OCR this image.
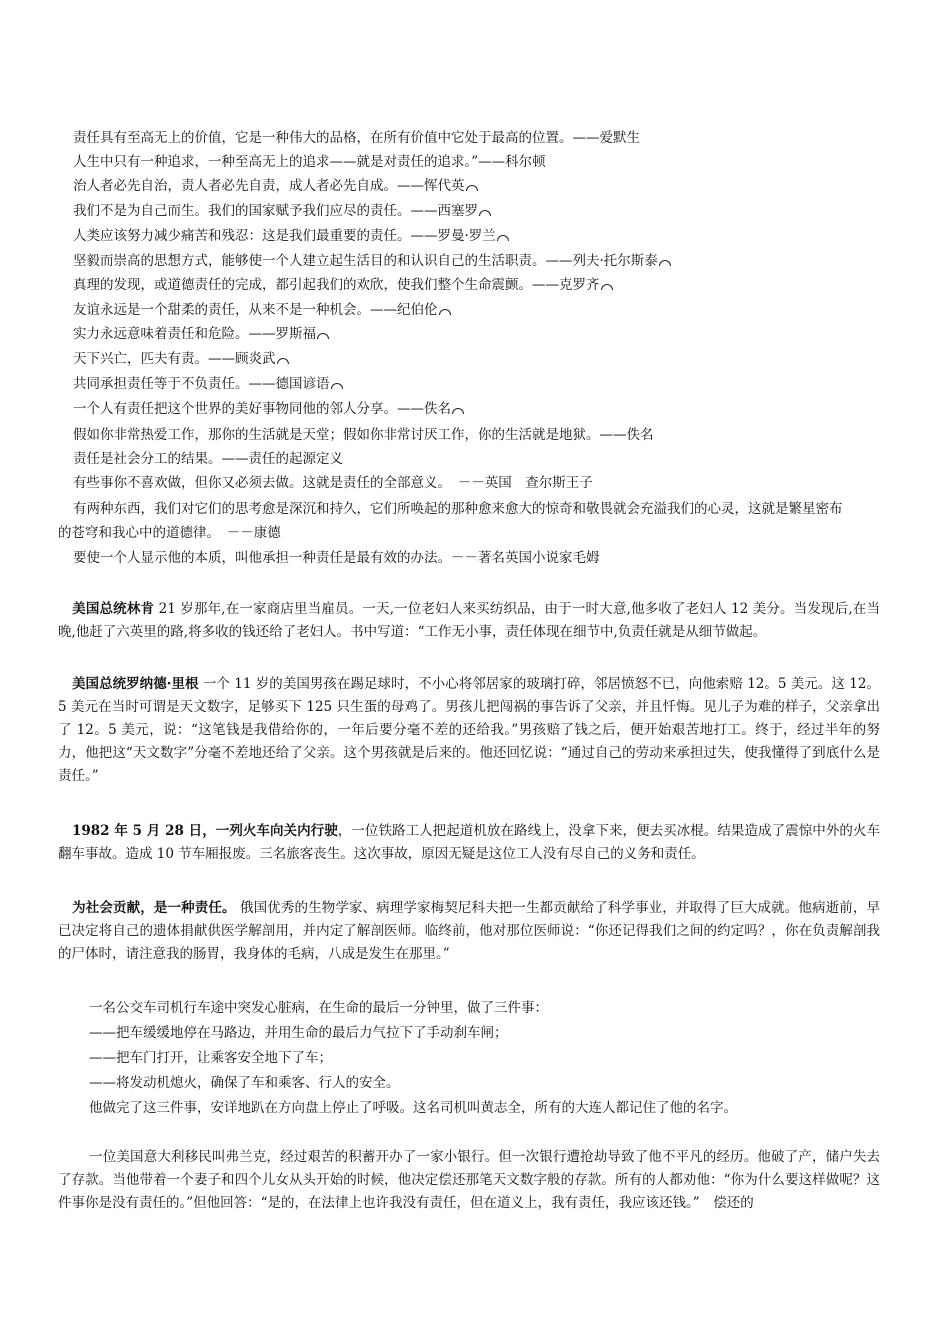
责任具有至高无上的价值，它是一种伟大的品格，在所有价值中它处于最高的位置。——爱默生
人生中只有一种追求，一种至高无上的追求——就是对责任的追求。”——科尔顿
治人者必先自治，责人者必先自责，成人者必先自成。——恽代英
我们不是为自己而生。我们的国家赋予我们应尽的责任。——西塞罗
人类应该努力减少痛苦和残忍：这是我们最重要的责任。——罗曼·罗兰
坚毅而崇高的思想方式，能够使一个人建立起生活目的和认识自己的生活职责。——列夫·托尔斯泰
真理的发现，或道德责任的完成，都引起我们的欢欣，使我们整个生命震颤。——克罗齐
友谊永远是一个甜柔的责任，从来不是一种机会。——纪伯伦
实力永远意味着责任和危险。——罗斯福
天下兴亡，匹夫有责。——顾炎武
共同承担责任等于不负责任。——德国谚语
一个人有责任把这个世界的美好事物同他的邻人分享。——佚名
假如你非常热爱工作，那你的生活就是天堂；假如你非常讨厌工作，你的生活就是地狱。——佚名
责任是社会分工的结果。——责任的起源定义
有些事你不喜欢做，但你又必须去做。这就是责任的全部意义。　－－英国　查尔斯王子
有两种东西，我们对它们的思考愈是深沉和持久，它们所唤起的那种愈来愈大的惊奇和敬畏就会充溢我们的心灵，这就是繁星密布
的苍穹和我心中的道德律。　－－康德
要使一个人显示他的本质，叫他承担一种责任是最有效的办法。－－著名英国小说家毛姆
美国总统林肯 21 岁那年,在一家商店里当雇员。一天,一位老妇人来买纺织品，由于一时大意,他多收了老妇人 12 美分。当发现后,在当晚,他赶了六英里的路,将多收的钱还给了老妇人。书中写道：“工作无小事，责任体现在细节中,负责任就是从细节做起。
美国总统罗纳德·里根 一个 11 岁的美国男孩在踢足球时，不小心将邻居家的玻璃打碎，邻居愤怒不已，向他索赔 12。5 美元。这 12。5 美元在当时可谓是天文数字，足够买下 125 只生蛋的母鸡了。男孩儿把闯祸的事告诉了父亲，并且忏悔。见儿子为难的样子，父亲拿出了 12。5 美元，说：“这笔钱是我借给你的，一年后要分毫不差的还给我。”男孩赔了钱之后，便开始艰苦地打工。终于，经过半年的努力，他把这“天文数字”分毫不差地还给了父亲。这个男孩就是后来的。他还回忆说：“通过自己的劳动来承担过失，使我懂得了到底什么是责任。”
1982 年 5 月 28 日，一列火车向关内行驶，一位铁路工人把起道机放在路线上，没拿下来，便去买冰棍。结果造成了震惊中外的火车翻车事故。造成 10 节车厢报废。三名旅客丧生。这次事故，原因无疑是这位工人没有尽自己的义务和责任。
为社会贡献，是一种责任。 俄国优秀的生物学家、病理学家梅契尼科夫把一生都贡献给了科学事业，并取得了巨大成就。他病逝前，早已决定将自己的遗体捐献供医学解剖用，并内定了解剖医师。临终前，他对那位医师说：“你还记得我们之间的约定吗？，你在负责解剖我的尸体时，请注意我的肠胃，我身体的毛病，八成是发生在那里。”
一名公交车司机行车途中突发心脏病，在生命的最后一分钟里，做了三件事：
——把车缓缓地停在马路边，并用生命的最后力气拉下了手动刹车闸；
——把车门打开，让乘客安全地下了车；
——将发动机熄火，确保了车和乘客、行人的安全。
他做完了这三件事，安详地趴在方向盘上停止了呼吸。这名司机叫黄志全，所有的大连人都记住了他的名字。
一位美国意大利移民叫弗兰克，经过艰苦的积蓄开办了一家小银行。但一次银行遭抢劫导致了他不平凡的经历。他破了产，储户失去了存款。当他带着一个妻子和四个儿女从头开始的时候，他决定偿还那笔天文数字般的存款。所有的人都劝他：“你为什么要这样做呢？这件事你是没有责任的。”但他回答：“是的，在法律上也许我没有责任，但在道义上，我有责任，我应该还钱。”　偿还的
